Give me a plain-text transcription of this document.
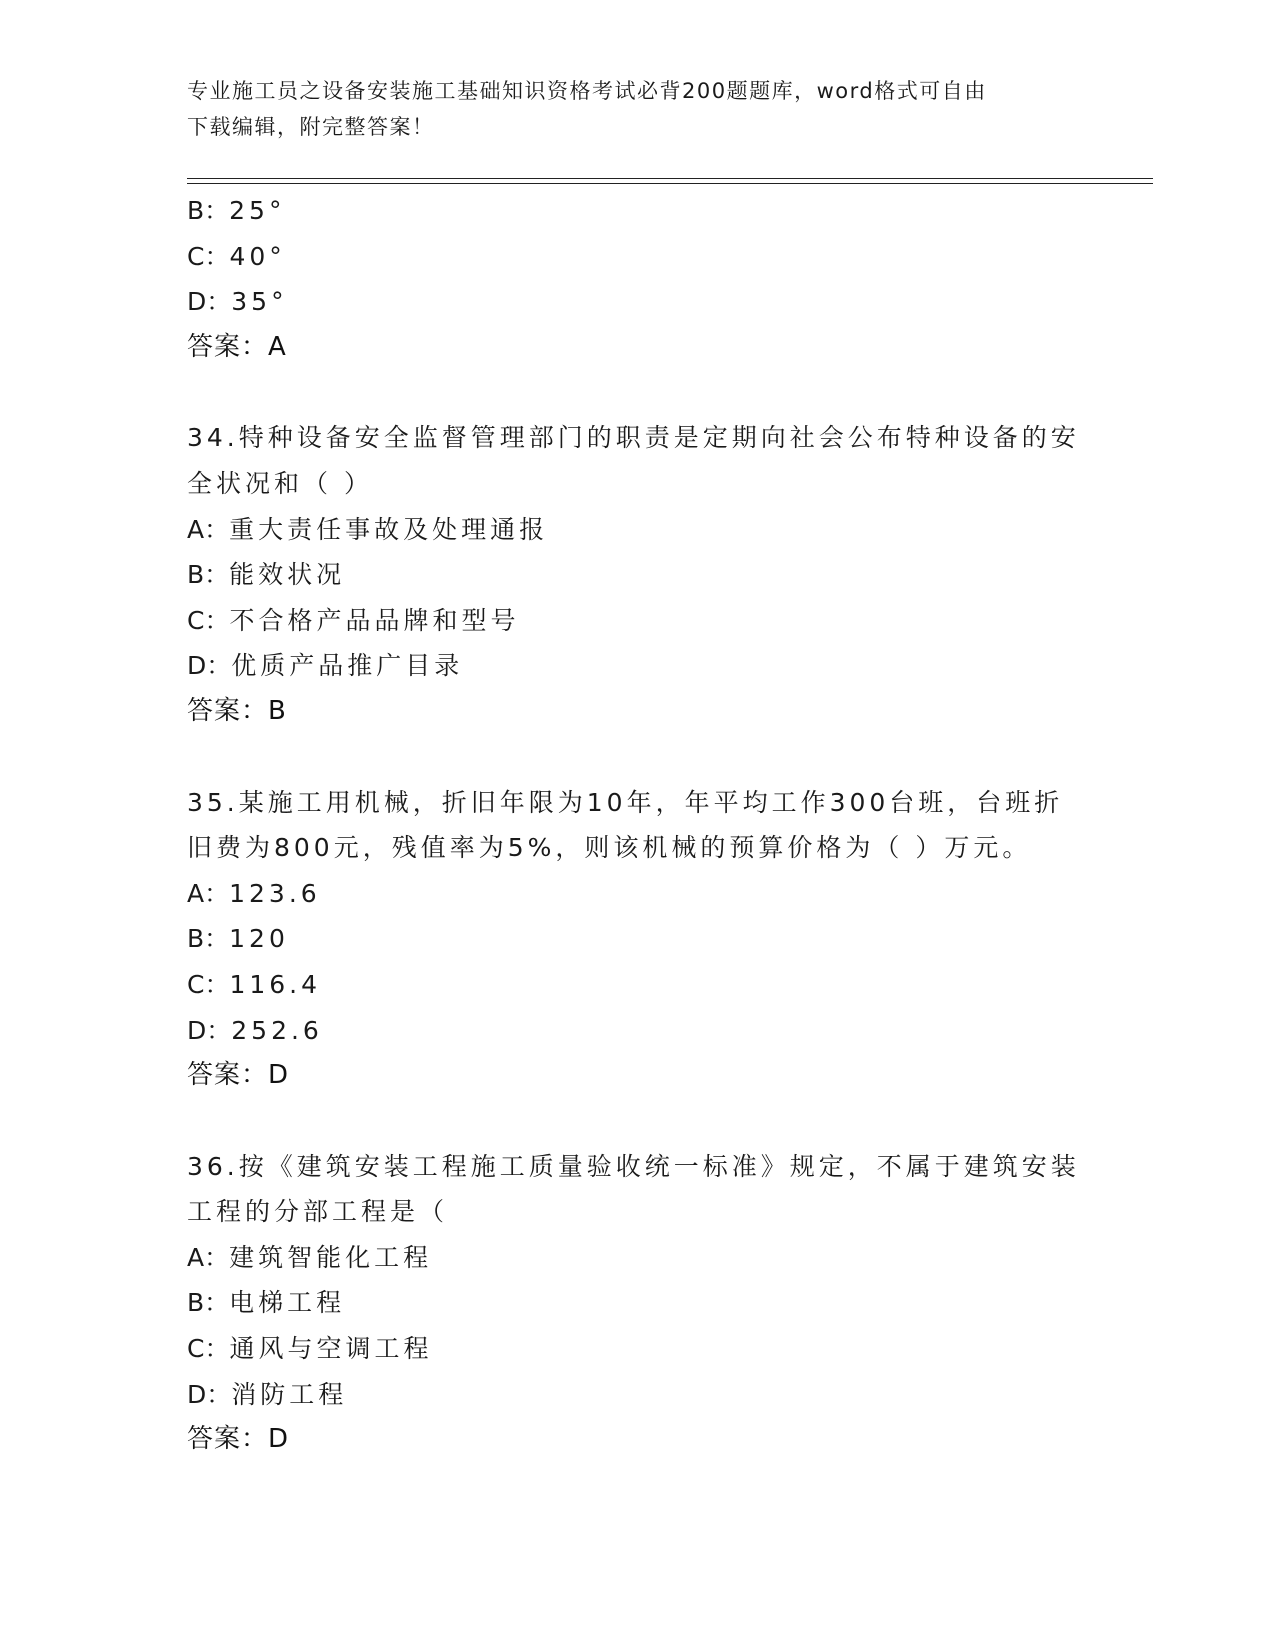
专业施工员之设备安装施工基础知识资格考试必背200题题库，word格式可自由
下载编辑，附完整答案！
B：25°
C：40°
D：35°
答案：A
34.特种设备安全监督管理部门的职责是定期向社会公布特种设备的安
全状况和（ ）
A：重大责任事故及处理通报
B：能效状况
C：不合格产品品牌和型号
D：优质产品推广目录
答案：B
35.某施工用机械，折旧年限为10年，年平均工作300台班，台班折
旧费为800元，残值率为5%，则该机械的预算价格为（ ）万元。
A：123.6
B：120
C：116.4
D：252.6
答案：D
36.按《建筑安装工程施工质量验收统一标准》规定，不属于建筑安装
工程的分部工程是（
A：建筑智能化工程
B：电梯工程
C：通风与空调工程
D：消防工程
答案：D
